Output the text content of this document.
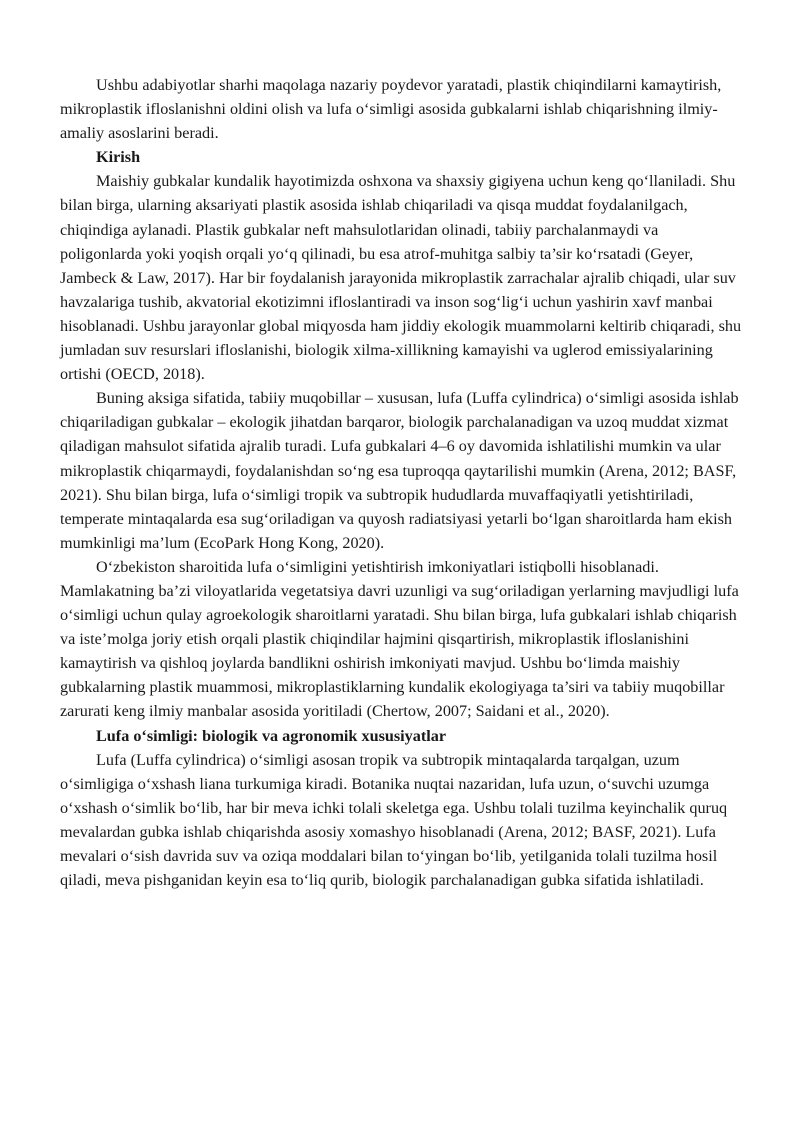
Ushbu adabiyotlar sharhi maqolaga nazariy poydevor yaratadi, plastik chiqindilarni kamaytirish, mikroplastik ifloslanishni oldini olish va lufa o‘simligi asosida gubkalarni ishlab chiqarishning ilmiy-amaliy asoslarini beradi.

Kirish

Maishiy gubkalar kundalik hayotimizda oshxona va shaxsiy gigiyena uchun keng qo‘llaniladi. Shu bilan birga, ularning aksariyati plastik asosida ishlab chiqariladi va qisqa muddat foydalanilgach, chiqindiga aylanadi. Plastik gubkalar neft mahsulotlaridan olinadi, tabiiy parchalanmaydi va poligonlarda yoki yoqish orqali yo‘q qilinadi, bu esa atrof-muhitga salbiy ta’sir ko‘rsatadi (Geyer, Jambeck & Law, 2017). Har bir foydalanish jarayonida mikroplastik zarrachalar ajralib chiqadi, ular suv havzalariga tushib, akvatorial ekotizimni ifloslantiradi va inson sog‘lig‘i uchun yashirin xavf manbai hisoblanadi. Ushbu jarayonlar global miqyosda ham jiddiy ekologik muammolarni keltirib chiqaradi, shu jumladan suv resurslari ifloslanishi, biologik xilma-xillikning kamayishi va uglerod emissiyalarining ortishi (OECD, 2018).

Buning aksiga sifatida, tabiiy muqobillar – xususan, lufa (Luffa cylindrica) o‘simligi asosida ishlab chiqariladigan gubkalar – ekologik jihatdan barqaror, biologik parchalanadigan va uzoq muddat xizmat qiladigan mahsulot sifatida ajralib turadi. Lufa gubkalari 4–6 oy davomida ishlatilishi mumkin va ular mikroplastik chiqarmaydi, foydalanishdan so‘ng esa tuproqqa qaytarilishi mumkin (Arena, 2012; BASF, 2021). Shu bilan birga, lufa o‘simligi tropik va subtropik hududlarda muvaffaqiyatli yetishtiriladi, temperate mintaqalarda esa sug‘oriladigan va quyosh radiatsiyasi yetarli bo‘lgan sharoitlarda ham ekish mumkinligi ma’lum (EcoPark Hong Kong, 2020).

O‘zbekiston sharoitida lufa o‘simligini yetishtirish imkoniyatlari istiqbolli hisoblanadi. Mamlakatning ba’zi viloyatlarida vegetatsiya davri uzunligi va sug‘oriladigan yerlarning mavjudligi lufa o‘simligi uchun qulay agroekologik sharoitlarni yaratadi. Shu bilan birga, lufa gubkalari ishlab chiqarish va iste’molga joriy etish orqali plastik chiqindilar hajmini qisqartirish, mikroplastik ifloslanishini kamaytirish va qishloq joylarda bandlikni oshirish imkoniyati mavjud. Ushbu bo‘limda maishiy gubkalarning plastik muammosi, mikroplastiklarning kundalik ekologiyaga ta’siri va tabiiy muqobillar zarurati keng ilmiy manbalar asosida yoritiladi (Chertow, 2007; Saidani et al., 2020).

Lufa o‘simligi: biologik va agronomik xususiyatlar

Lufa (Luffa cylindrica) o‘simligi asosan tropik va subtropik mintaqalarda tarqalgan, uzum o‘simligiga o‘xshash liana turkumiga kiradi. Botanika nuqtai nazaridan, lufa uzun, o‘suvchi uzumga o‘xshash o‘simlik bo‘lib, har bir meva ichki tolali skeletga ega. Ushbu tolali tuzilma keyinchalik quruq mevalardan gubka ishlab chiqarishda asosiy xomashyo hisoblanadi (Arena, 2012; BASF, 2021). Lufa mevalari o‘sish davrida suv va oziqa moddalari bilan to‘yingan bo‘lib, yetilganida tolali tuzilma hosil qiladi, meva pishganidan keyin esa to‘liq qurib, biologik parchalanadigan gubka sifatida ishlatiladi.
